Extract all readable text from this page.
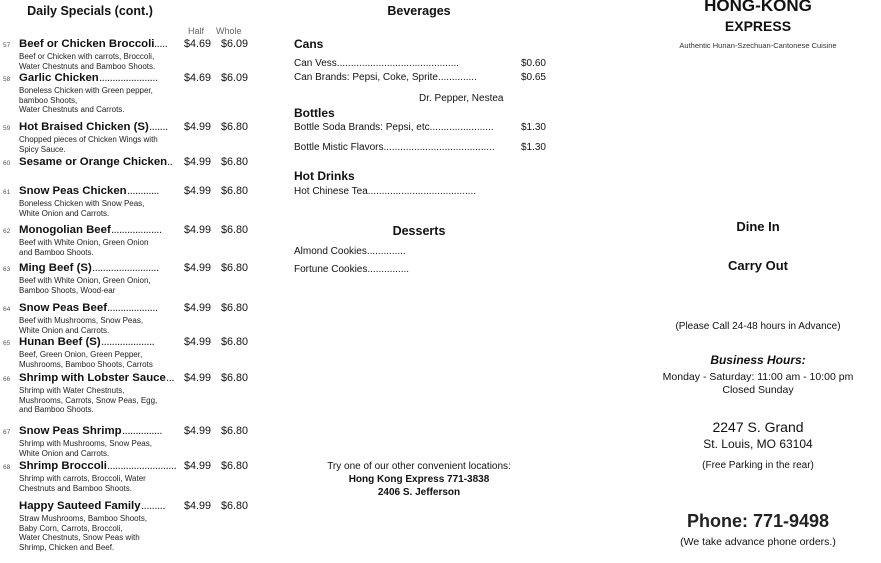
Daily Specials (cont.)

Half Whole
57 Beef or Chicken Broccoli ..... $4.69 $6.09
Beef or Chicken with carrots, Broccoli,
Water Chestnuts and Bamboo Shoots.
58 Garlic Chicken ...................... $4.69 $6.09
Boneless Chicken with Green pepper,
bamboo Shoots,
Water Chestnuts and Carrots.
59 Hot Braised Chicken (S) ....... $4.99 $6.80
Chopped pieces of Chicken Wings with
Spicy Sauce.
60 Sesame or Orange Chicken .. $4.99 $6.80
61 Snow Peas Chicken ............ $4.99 $6.80
Boneless Chicken with Snow Peas,
White Onion and Carrots.
62 Monogolian Beef ................... $4.99 $6.80
Beef with White Onion, Green Onion
and Bamboo Shoots.
63 Ming Beef (S) ......................... $4.99 $6.80
Beef with White Onion, Green Onion,
Bamboo Shoots, Wood-ear
64 Snow Peas Beef ................... $4.99 $6.80
Beef with Mushrooms, Snow Peas,
White Onion and Carrots.
65 Hunan Beef (S) ....................	$4.99 $6.80
Beef, Green Onion, Green Pepper,
Mushrooms, Bamboo Shoots, Carrots
66 Shrimp with Lobster Sauce ... $4.99 $6.80
Shrimp with Water Chestnuts,
Mushrooms, Carrots, Snow Peas, Egg,
and Bamboo Shoots.
67 Snow Peas Shrimp ............... $4.99 $6.80
Shrimp with Mushrooms, Snow Peas,
White Onion and Carrots.
68 Shrimp Broccoli .......................... $4.99 $6.80
Shrimp with carrots, Broccoli, Water
Chestnuts and Bamboo Shoots.
Happy Sauteed Family ......... $4.99 $6.80
Straw Mushrooms, Bamboo Shoots,
Baby Corn, Carrots, Broccoli,
Water Chestnuts, Snow Peas with
Shrimp, Chicken and Beef.

Beverages

Cans
Can Vess............................................	$0.60
Can Brands: Pepsi, Coke, Sprite..............	$0.65
Dr. Pepper, Nestea
Bottles
Bottle Soda Brands: Pepsi, etc.......................	$1.30
Bottle Mistic Flavors........................................	$1.30
Hot Drinks
Hot Chinese Tea.......................................

Desserts

Almond Cookies..............
Fortune Cookies...............
Try one of our other convenient locations:
Hong Kong Express 771-3838
2406 S. Jefferson
HONG-KONG
EXPRESS
Authentic Hunan-Szechuan-Cantonese Cuisine
Dine In
Carry Out
(Please Call 24-48 hours in Advance)
Business Hours:
Monday - Saturday: 11:00 am - 10:00 pm
Closed Sunday
2247 S. Grand
St. Louis, MO 63104
(Free Parking in the rear)
Phone: 771-9498
(We take advance phone orders.)
